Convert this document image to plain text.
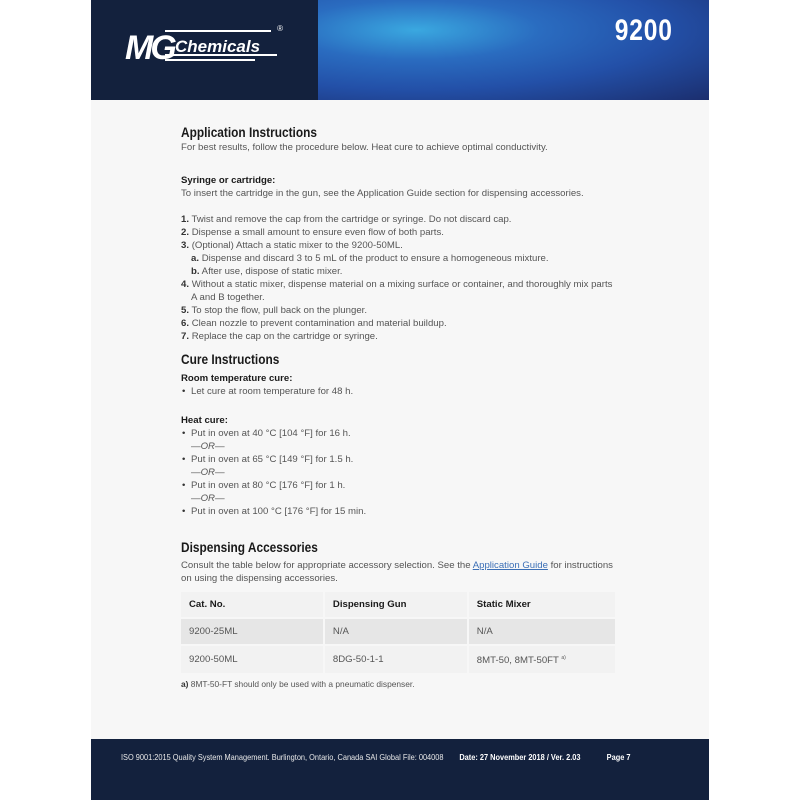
MG Chemicals
®	9200
Application Instructions

For best results, follow the procedure below. Heat cure to achieve optimal conductivity.

Syringe or cartridge:

To insert the cartridge in the gun, see the Application Guide section for dispensing accessories.

1. Twist and remove the cap from the cartridge or syringe. Do not discard cap.
2. Dispense a small amount to ensure even flow of both parts.
3. (Optional) Attach a static mixer to the 9200-50ML.
a. Dispense and discard 3 to 5 mL of the product to ensure a homogeneous mixture.
b. After use, dispose of static mixer.
4. Without a static mixer, dispense material on a mixing surface or container, and thoroughly mix parts
A and B together.
5. To stop the flow, pull back on the plunger.
6. Clean nozzle to prevent contamination and material buildup.
7. Replace the cap on the cartridge or syringe.
Cure Instructions
Room temperature cure:
• Let cure at room temperature for 48 h.
Heat cure:
• Put in oven at 40 °C [104 °F] for 16 h.
—OR—
• Put in oven at 65 °C [149 °F] for 1.5 h.
—OR—
• Put in oven at 80 °C [176 °F] for 1 h.
—OR—
• Put in oven at 100 °C [176 °F] for 15 min.
Dispensing Accessories

Consult the table below for appropriate accessory selection. See the Application Guide for instructions on using the dispensing accessories.

Cat. No.	Dispensing Gun	Static Mixer
9200-25ML	N/A	N/A
9200-50ML	8DG-50-1-1	8MT-50, 8MT-50FT $^{a)}$

a) 8MT-50-FT should only be used with a pneumatic dispenser.

ISO 9001:2015 Quality System Management. Burlington, Ontario, Canada SAI Global File: 004008 Date: 27 November 2018 / Ver. 2.03	Page 7
